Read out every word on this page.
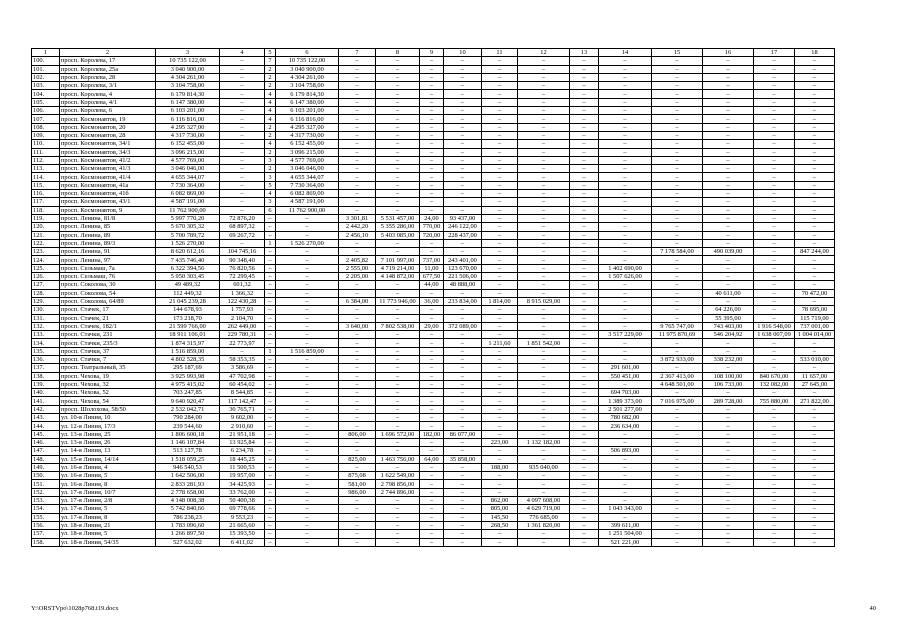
1	2	3	4	5	6	7	8	9	10	11	12	13	14	15	16	17	18
100.	просп. Королева, 17	10 735 122,00	–	7	10 735 122,00	–	–	–	–	–	–	–	–	–	–	–	–
101.	просп. Королева, 25а	3 040 900,00	–	2	3 040 900,00	–	–	–	–	–	–	–	–	–	–	–	–
102.	просп. Королева, 28	4 304 261,00	–	2	4 304 261,00	–	–	–	–	–	–	–	–	–	–	–	–
103.	просп. Королева, 3/1	3 104 758,00	–	2	3 104 758,00	–	–	–	–	–	–	–	–	–	–	–	–
104.	просп. Королева, 4	6 179 814,30	–	4	6 179 814,30	–	–	–	–	–	–	–	–	–	–	–	–
105.	просп. Королева, 4/1	6 147 380,00	–	4	6 147 380,00	–	–	–	–	–	–	–	–	–	–	–	–
106.	просп. Королева, 6	6 103 201,00	–	4	6 103 201,00	–	–	–	–	–	–	–	–	–	–	–	–
107.	просп. Космонавтов, 19	6 116 816,00	–	4	6 116 816,00	–	–	–	–	–	–	–	–	–	–	–	–
108.	просп. Космонавтов, 20	4 295 327,00	–	2	4 295 327,00	–	–	–	–	–	–	–	–	–	–	–	–
109.	просп. Космонавтов, 28	4 317 730,00	–	2	4 317 730,00	–	–	–	–	–	–	–	–	–	–	–	–
110.	просп. Космонавтов, 34/1	6 152 455,00	–	4	6 152 455,00	–	–	–	–	–	–	–	–	–	–	–	–
111.	просп. Космонавтов, 34/3	3 096 215,00	–	2	3 096 215,00	–	–	–	–	–	–	–	–	–	–	–	–
112.	просп. Космонавтов, 41/2	4 577 769,00	–	3	4 577 769,00	–	–	–	–	–	–	–	–	–	–	–	–
113.	просп. Космонавтов, 41/3	3 046 046,00	–	2	3 046 046,00	–	–	–	–	–	–	–	–	–	–	–	–
114.	просп. Космонавтов, 41/4	4 655 344,07	–	3	4 655 344,07	–	–	–	–	–	–	–	–	–	–	–	–
115.	просп. Космонавтов, 41а	7 730 364,00	–	5	7 730 364,00	–	–	–	–	–	–	–	–	–	–	–	–
116.	просп. Космонавтов, 41б	6 082 869,00	–	4	6 082 869,00	–	–	–	–	–	–	–	–	–	–	–	–
117.	просп. Космонавтов, 43/1	4 587 191,00	–	3	4 587 191,00	–	–	–	–	–	–	–	–	–	–	–	–
118.	просп. Космонавтов, 9	11 762 900,00	–	6	11 762 900,00	–	–	–	–	–	–	–	–	–	–	–	–
119.	просп. Ленина, 81/8	5 997 770,20	72 876,20	–	–	3 301,81	5 531 457,00	24,00	93 437,00	–	–	–	–	–	–	–	–
120.	просп. Ленина, 85	5 670 305,32	68 897,32	–	–	2 442,20	5 355 286,00	770,00	246 122,00	–	–	–	–	–	–	–	–
121.	просп. Ленина, 89	5 700 789,72	69 267,72	–	–	2 456,10	5 403 085,00	720,00	228 437,00	–	–	–	–	–	–	–	–
122.	просп. Ленина, 89/3	1 526 270,00	–	1	1 526 270,00	–	–	–	–	–	–	–	–	–	–	–	–
123.	просп. Ленина, 91	8 620 612,16	104 745,16	–	–	–	–	–	–	–	–	–	–	7 178 584,00	490 039,00	–	847 244,00
124.	просп. Ленина, 97	7 435 746,40	90 348,40	–	–	2 405,82	7 101 997,00	737,00	243 401,00	–	–	–	–	–	–	–	–
125.	просп. Сельмаш, 7а	6 322 394,56	76 820,56	–	–	2 555,00	4 719 214,00	11,00	123 670,00	–	–	–	1 402 690,00	–	–	–	–
126.	просп. Сельмаш, 76	5 950 303,45	72 299,45	–	–	2 205,00	4 148 872,00	677,50	221 506,00	–	–	–	1 507 626,00	–	–	–	–
127.	просп. Соколова, 30	49 489,32	601,32	–	–	–	–	44,00	48 888,00	–	–	–	–	–	–	–	–
128.	просп. Соколова, 54	112 449,32	1 366,32	–	–	–	–	–	–	–	–	–	–	–	40 611,00	–	70 472,00
129.	просп. Соколова, 64/89	21 045 239,28	122 430,28	–	–	6 384,00	11 773 946,00	36,00	233 834,00	1 814,00	8 915 029,00	–	–	–	–	–	–
130.	просп. Стачек, 17	144 678,93	1 757,93	–	–	–	–	–	–	–	–	–	–	–	64 226,00	–	78 695,00
131.	просп. Стачек, 21	173 218,70	2 104,70	–	–	–	–	–	–	–	–	–	–	–	55 395,00	–	115 719,00
132.	просп. Стачек, 182/1	21 599 766,00	262 449,00	–	–	3 640,00	7 802 538,00	29,00	372 089,00	–	–	–	–	9 765 747,00	743 403,00	1 916 548,00	737 001,00
133.	просп. Стачки, 231	18 911 106,01	229 780,31	–	–	–	–	–	–	–	–	–	3 517 229,00	11 975 870,69	546 204,92	1 638 007,09	1 004 014,00
134.	просп. Стачки, 235/3	1 874 315,97	22 773,97	–	–	–	–	–	–	1 211,60	1 851 542,00	–	–	–	–	–	–
135.	просп. Стачки, 37	1 516 859,00	–	1	1 516 859,00	–	–	–	–	–	–	–	–	–	–	–	–
136.	просп. Стачки, 7	4 802 528,35	58 353,35	–	–	–	–	–	–	–	–	–	–	3 872 933,00	338 232,00	–	533 010,00
137.	просп. Театральный, 35	295 187,69	3 586,69	–	–	–	–	–	–	–	–	–	291 601,00	–	–	–	–
138.	просп. Чехова, 19	3 925 993,98	47 702,98	–	–	–	–	–	–	–	–	–	550 451,00	2 367 413,00	108 100,00	840 670,00	11 657,00
139.	просп. Чехова, 32	4 975 415,02	60 454,02	–	–	–	–	–	–	–	–	–	–	4 648 501,00	106 733,00	132 082,00	27 645,00
140.	просп. Чехова, 52	703 247,85	8 544,85	–	–	–	–	–	–	–	–	–	694 703,00	–	–	–	–
141.	просп. Чехова, 54	9 640 920,47	117 142,47	–	–	–	–	–	–	–	–	–	1 389 373,00	7 016 975,00	289 728,00	755 880,00	271 822,00
142.	просп. Шолохова, 58/50	2 532 042,71	30 765,71	–	–	–	–	–	–	–	–	–	2 501 277,00	–	–	–	–
143.	ул. 10-я Линия, 10	790 284,00	9 602,00	–	–	–	–	–	–	–	–	–	780 682,00	–	–	–	–
144.	ул. 12-я Линия, 17/3	239 544,60	2 910,60	–	–	–	–	–	–	–	–	–	236 634,00	–	–	–	–
145.	ул. 13-я Линия, 25	1 806 600,18	21 951,18	–	–	806,00	1 696 572,00	182,00	86 077,00	–	–	–	–	–	–	–	–
146.	ул. 13-я Линия, 26	1 146 107,84	13 925,84	–	–	–	–	–	–	223,00	1 132 182,00	–	–	–	–	–	–
147.	ул. 14-я Линия, 13	513 127,78	6 234,78	–	–	–	–	–	–	–	–	–	506 893,00	–	–	–	–
148.	ул. 15-я Линия, 14/14	1 518 059,25	18 445,25	–	–	825,00	1 463 756,00	64,00	35 858,00	–	–	–	–	–	–	–	–
149.	ул. 16-я Линия, 4	946 540,53	11 500,53	–	–	–	–	–	–	188,00	935 040,00	–	–	–	–	–	–
150.	ул. 16-я Линия, 5	1 642 506,00	19 957,00	–	–	875,08	1 622 549,00	–	–	–	–	–	–	–	–	–	–
151.	ул. 16-я Линия, 8	2 833 281,93	34 425,93	–	–	581,00	2 798 856,00	–	–	–	–	–	–	–	–	–	–
152.	ул. 17-я Линия, 10/7	2 778 658,00	33 762,00	–	–	986,00	2 744 896,00	–	–	–	–	–	–	–	–	–	–
153.	ул. 17-я Линия, 2/8	4 148 008,38	50 400,38	–	–	–	–	–	–	862,00	4 097 608,00	–	–	–	–	–	–
154.	ул. 17-я Линия, 5	5 742 840,66	69 778,66	–	–	–	–	–	–	805,00	4 629 719,00	–	1 043 343,00	–	–	–	–
155.	ул. 17-я Линия, 8	786 238,23	9 553,23	–	–	–	–	–	–	145,50	776 685,00	–	–	–	–	–	–
156.	ул. 18-я Линия, 21	1 783 096,60	21 665,60	–	–	–	–	–	–	268,50	1 361 820,00	–	399 611,00	–	–	–	–
157.	ул. 18-я Линия, 5	1 266 897,50	15 393,50	–	–	–	–	–	–	–	–	–	1 251 504,00	–	–	–	–
158.	ул. 18-я Линия, 54/35	527 632,02	6 411,02	–	–	–	–	–	–	–	–	–	521 221,00	–	–	–	–
Y:\ORSTVpo\1028p768.t19.docx	40
